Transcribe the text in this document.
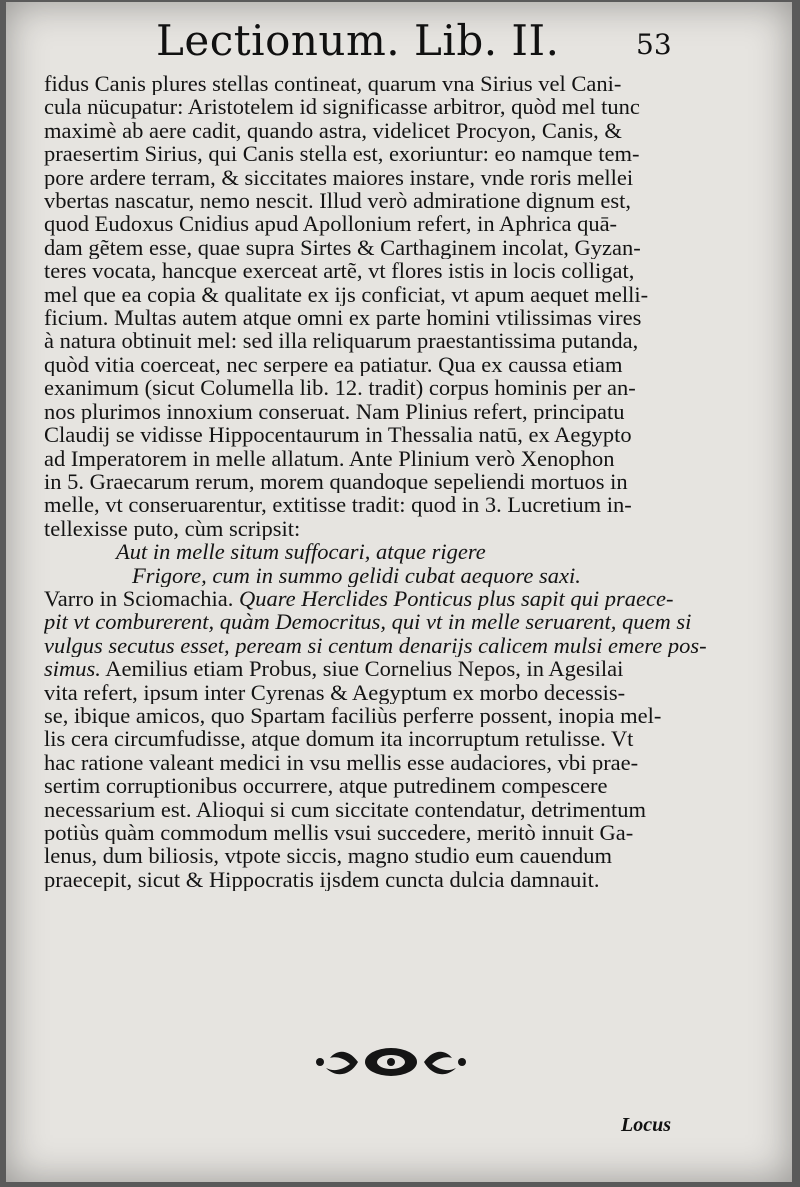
Lectionum. Lib. II.	53
fidus Canis plures stellas contineat, quarum vna Sirius vel Cani-
cula nücupatur: Aristotelem id significasse arbitror, quòd mel tunc
maximè ab aere cadit, quando astra, videlicet Procyon, Canis, &
praesertim Sirius, qui Canis stella est, exoriuntur: eo namque tem-
pore ardere terram, & siccitates maiores instare, vnde roris mellei
vbertas nascatur, nemo nescit. Illud verò admiratione dignum est,
quod Eudoxus Cnidius apud Apollonium refert, in Aphrica quā-
dam gẽtem esse, quae supra Sirtes & Carthaginem incolat, Gyzan-
teres vocata, hancque exerceat artẽ, vt flores istis in locis colligat,
mel que ea copia & qualitate ex ijs conficiat, vt apum aequet melli-
ficium. Multas autem atque omni ex parte homini vtilissimas vires
à natura obtinuit mel: sed illa reliquarum praestantissima putanda,
quòd vitia coerceat, nec serpere ea patiatur. Qua ex caussa etiam
exanimum (sicut Columella lib. 12. tradit) corpus hominis per an-
nos plurimos innoxium conseruat. Nam Plinius refert, principatu
Claudij se vidisse Hippocentaurum in Thessalia natū, ex Aegypto
ad Imperatorem in melle allatum. Ante Plinium verò Xenophon
in 5. Graecarum rerum, morem quandoque sepeliendi mortuos in
melle, vt conseruarentur, extitisse tradit: quod in 3. Lucretium in-
tellexisse puto, cùm scripsit:
Aut in melle situm suffocari, atque rigere
Frigore, cum in summo gelidi cubat aequore saxi.
Varro in Sciomachia. Quare Herclides Ponticus plus sapit qui praece-
pit vt comburerent, quàm Democritus, qui vt in melle seruarent, quem si
vulgus secutus esset, peream si centum denarijs calicem mulsi emere pos-
simus. Aemilius etiam Probus, siue Cornelius Nepos, in Agesilai
vita refert, ipsum inter Cyrenas & Aegyptum ex morbo decessis-
se, ibique amicos, quo Spartam faciliùs perferre possent, inopia mel-
lis cera circumfudisse, atque domum ita incorruptum retulisse. Vt
hac ratione valeant medici in vsu mellis esse audaciores, vbi prae-
sertim corruptionibus occurrere, atque putredinem compescere
necessarium est. Alioqui si cum siccitate contendatur, detrimentum
potiùs quàm commodum mellis vsui succedere, meritò innuit Ga-
lenus, dum biliosis, vtpote siccis, magno studio eum cauendum
praecepit, sicut & Hippocratis ijsdem cuncta dulcia damnauit.
Locus
